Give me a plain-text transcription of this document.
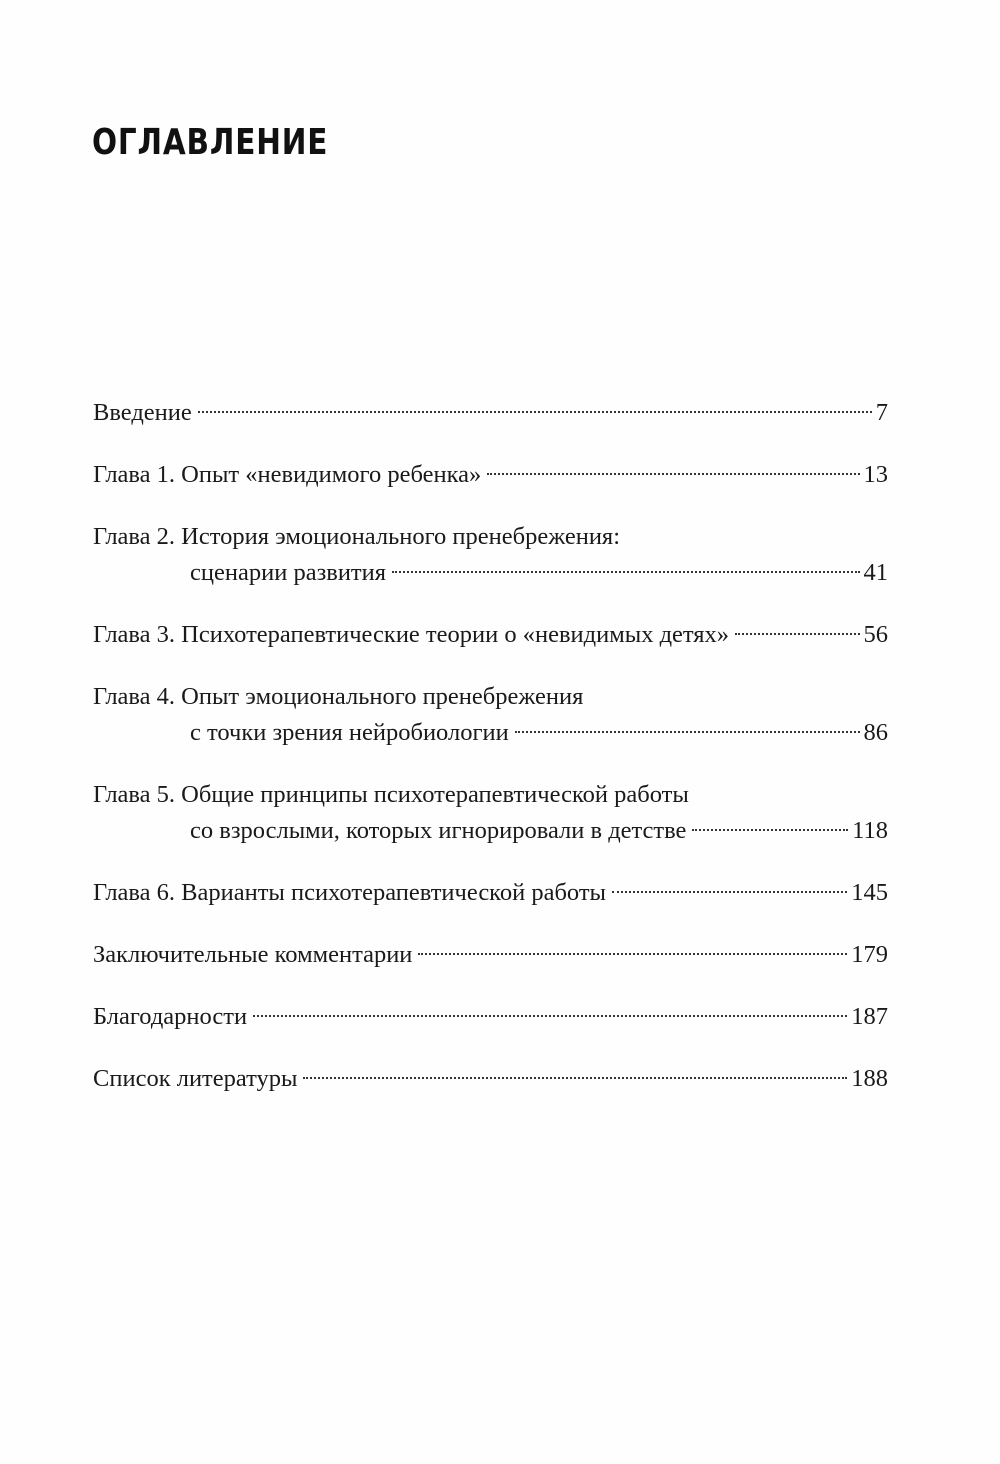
ОГЛАВЛЕНИЕ
Введение	7
Глава 1. Опыт «невидимого ребенка»	13
Глава 2. История эмоционального пренебрежения:
сценарии развития	41
Глава 3. Психотерапевтические теории о «невидимых детях»	56
Глава 4. Опыт эмоционального пренебрежения
с точки зрения нейробиологии	86
Глава 5. Общие принципы психотерапевтической работы
со взрослыми, которых игнорировали в детстве	118
Глава 6. Варианты психотерапевтической работы	145
Заключительные комментарии	179
Благодарности	187
Список литературы	188
